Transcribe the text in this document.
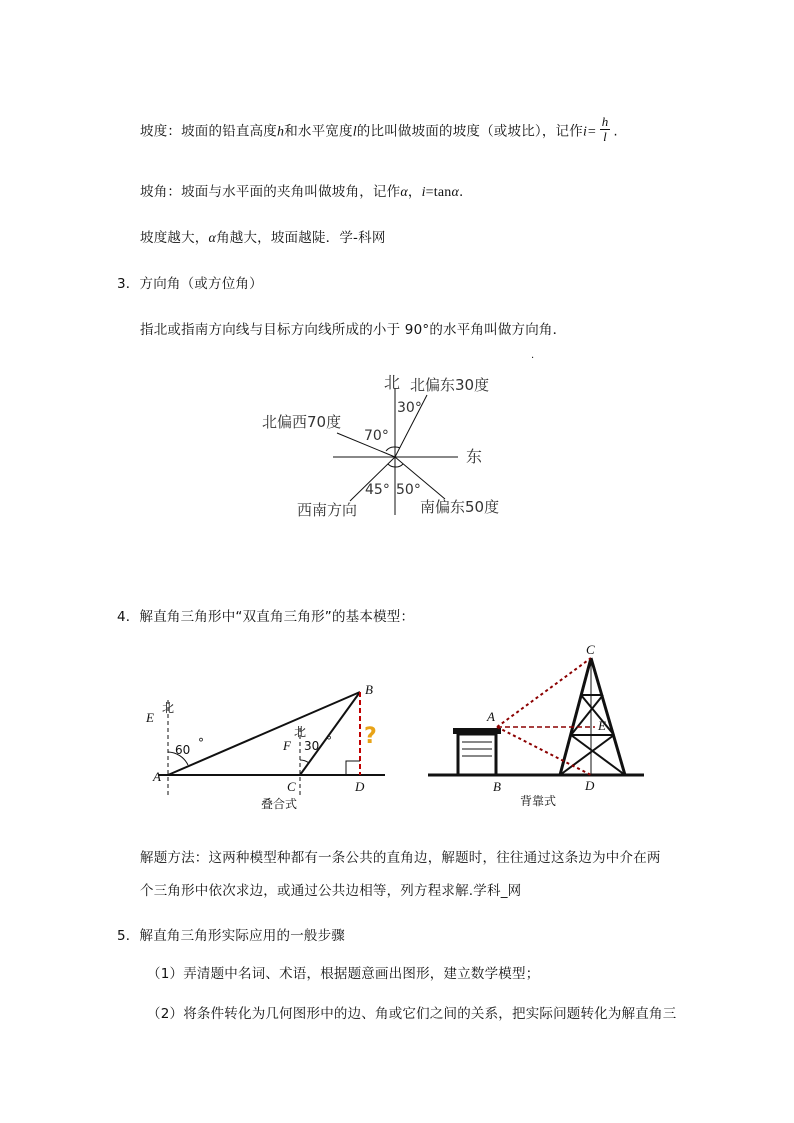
坡度：坡面的铅直高度h和水平宽度l的比叫做坡面的坡度（或坡比），记作$i= \frac{h}{l}$ .
坡角：坡面与水平面的夹角叫做坡角，记作α，i=tanα.
坡度越大，α角越大，坡面越陡．学-科网
3．方向角（或方位角）
指北或指南方向线与目标方向线所成的小于 90°的水平角叫做方向角．
.
北 北偏东30度
30°
北偏西70度
70°
东
45° 50°
西南方向	南偏东50度
北
E
北
F
60 °	30 °
A
B
C	D
?
叠合式
C
A
E
B	D
背靠式
4．解直角三角形中“双直角三角形”的基本模型：
解题方法：这两种模型种都有一条公共的直角边，解题时，往往通过这条边为中介在两
个三角形中依次求边，或通过公共边相等，列方程求解.学科_网
5．解直角三角形实际应用的一般步骤
（1）弄清题中名词、术语，根据题意画出图形，建立数学模型；
（2）将条件转化为几何图形中的边、角或它们之间的关系，把实际问题转化为解直角三
